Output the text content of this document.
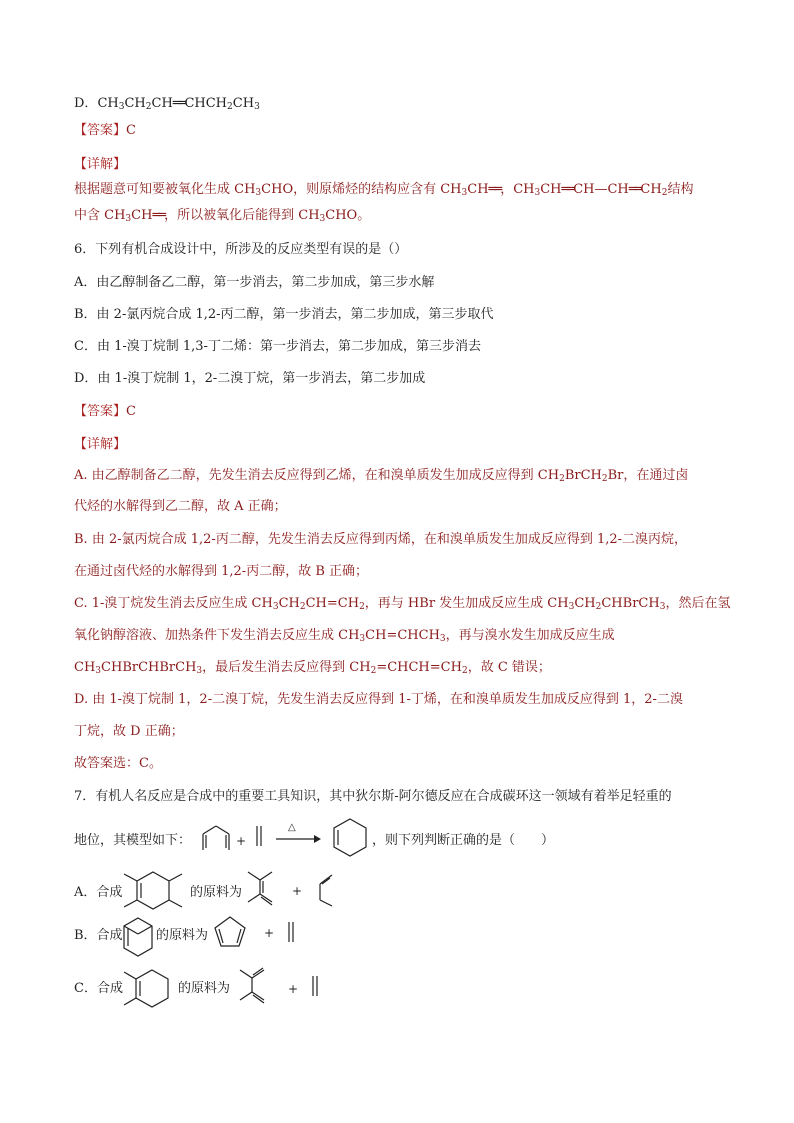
D．$CH_3CH_2CH══CHCH_2CH_3$
【答案】C
【详解】
根据题意可知要被氧化生成 $CH_3CHO$，则原烯烃的结构应含有 $CH_3CH══$，$CH_3CH══CH—CH══CH_2$结构
中含 $CH_3CH══$，所以被氧化后能得到 $CH_3CHO$。
6．下列有机合成设计中，所涉及的反应类型有误的是（）
A．由乙醇制备乙二醇，第一步消去，第二步加成，第三步水解
B．由 2-氯丙烷合成 1,2-丙二醇，第一步消去，第二步加成，第三步取代
C．由 1-溴丁烷制 1,3-丁二烯：第一步消去，第二步加成，第三步消去
D．由 1-溴丁烷制 1，2-二溴丁烷，第一步消去，第二步加成
【答案】C
【详解】
A. 由乙醇制备乙二醇，先发生消去反应得到乙烯，在和溴单质发生加成反应得到 $CH_2BrCH_2Br$，在通过卤
代烃的水解得到乙二醇，故 A 正确；
B. 由 2-氯丙烷合成 1,2-丙二醇，先发生消去反应得到丙烯，在和溴单质发生加成反应得到 1,2-二溴丙烷，
在通过卤代烃的水解得到 1,2-丙二醇，故 B 正确；
C. 1-溴丁烷发生消去反应生成 $CH_3CH_2CH=CH_2$，再与 HBr 发生加成反应生成 $CH_3CH_2CHBrCH_3$，然后在氢
氧化钠醇溶液、加热条件下发生消去反应生成 $CH_3CH=CHCH_3$，再与溴水发生加成反应生成
$CH_3CHBrCHBrCH_3$，最后发生消去反应得到 $CH_2=CHCH=CH_2$，故 C 错误；
D. 由 1-溴丁烷制 1，2-二溴丁烷，先发生消去反应得到 1-丁烯，在和溴单质发生加成反应得到 1，2-二溴
丁烷，故 D 正确；
故答案选：C。
7．有机人名反应是合成中的重要工具知识，其中狄尔斯-阿尔德反应在合成碳环这一领域有着举足轻重的
地位，其模型如下：	+
△
，则下列判断正确的是（　　）
A．合成	的原料为	+
B．合成	的原料为	+
C．合成	的原料为	+
